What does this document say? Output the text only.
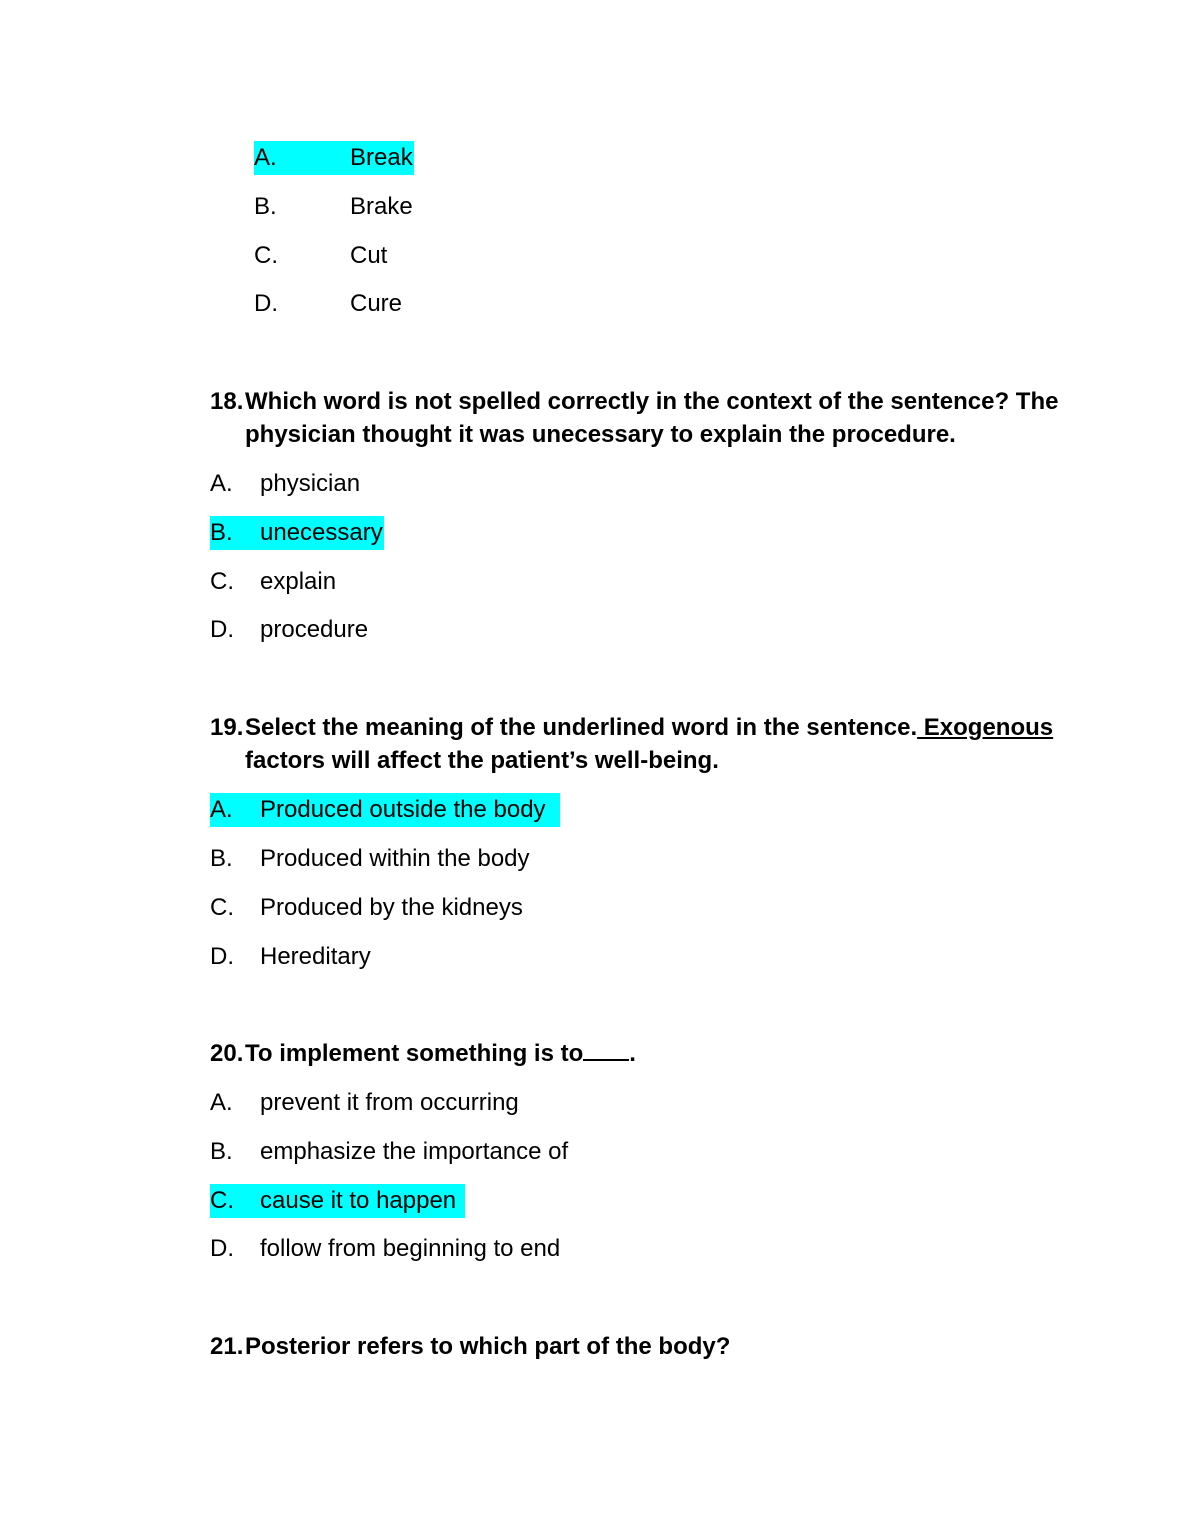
A.	Break
B.	Brake
C.	Cut
D.	Cure
18. Which word is not spelled correctly in the context of the sentence? The
physician thought it was unecessary to explain the procedure.
A. physician
B. unecessary
C. explain
D. procedure
19. Select the meaning of the underlined word in the sentence. Exogenous
factors will affect the patient’s well-being.
A. Produced outside the body
B. Produced within the body
C. Produced by the kidneys
D. Hereditary
20. To implement something is to .
A. prevent it from occurring
B. emphasize the importance of
C. cause it to happen
D. follow from beginning to end
21. Posterior refers to which part of the body?
